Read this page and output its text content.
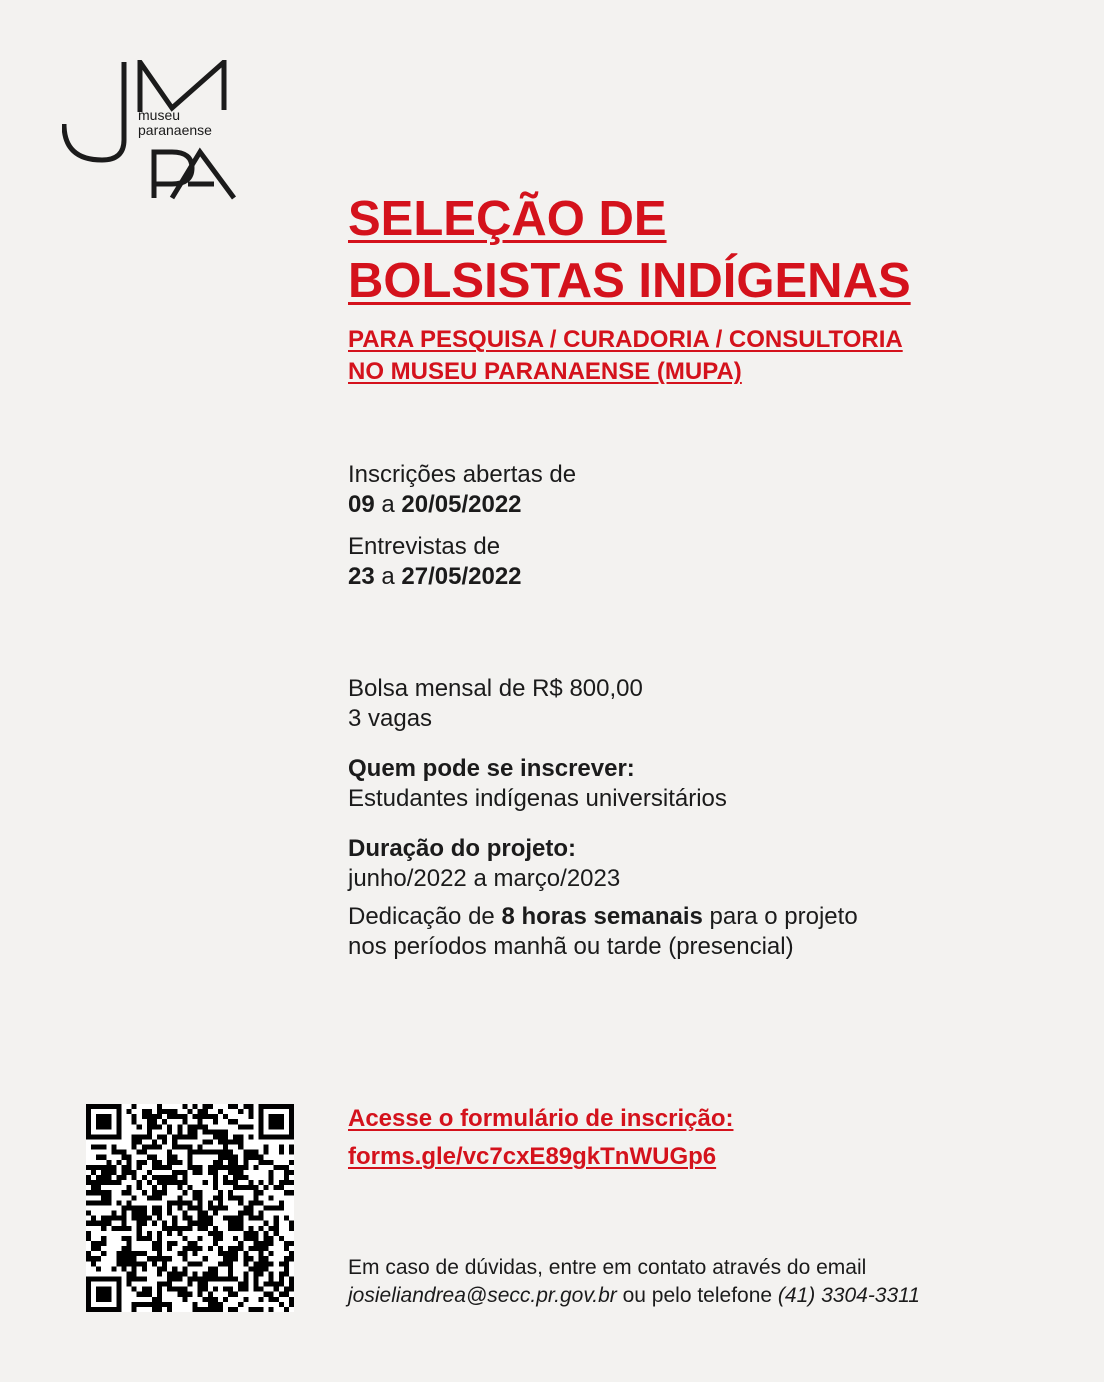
museu
paranaense
SELEÇÃO DE
BOLSISTAS INDÍGENAS
PARA PESQUISA / CURADORIA / CONSULTORIA
NO MUSEU PARANAENSE (MUPA)
Inscrições abertas de
09 a 20/05/2022
Entrevistas de
23 a 27/05/2022
Bolsa mensal de R$ 800,00
3 vagas
Quem pode se inscrever:
Estudantes indígenas universitários
Duração do projeto:
junho/2022 a março/2023
Dedicação de 8 horas semanais para o projeto
nos períodos manhã ou tarde (presencial)
Acesse o formulário de inscrição:
forms.gle/vc7cxE89gkTnWUGp6
Em caso de dúvidas, entre em contato através do email
josieliandrea@secc.pr.gov.br ou pelo telefone (41) 3304-3311
